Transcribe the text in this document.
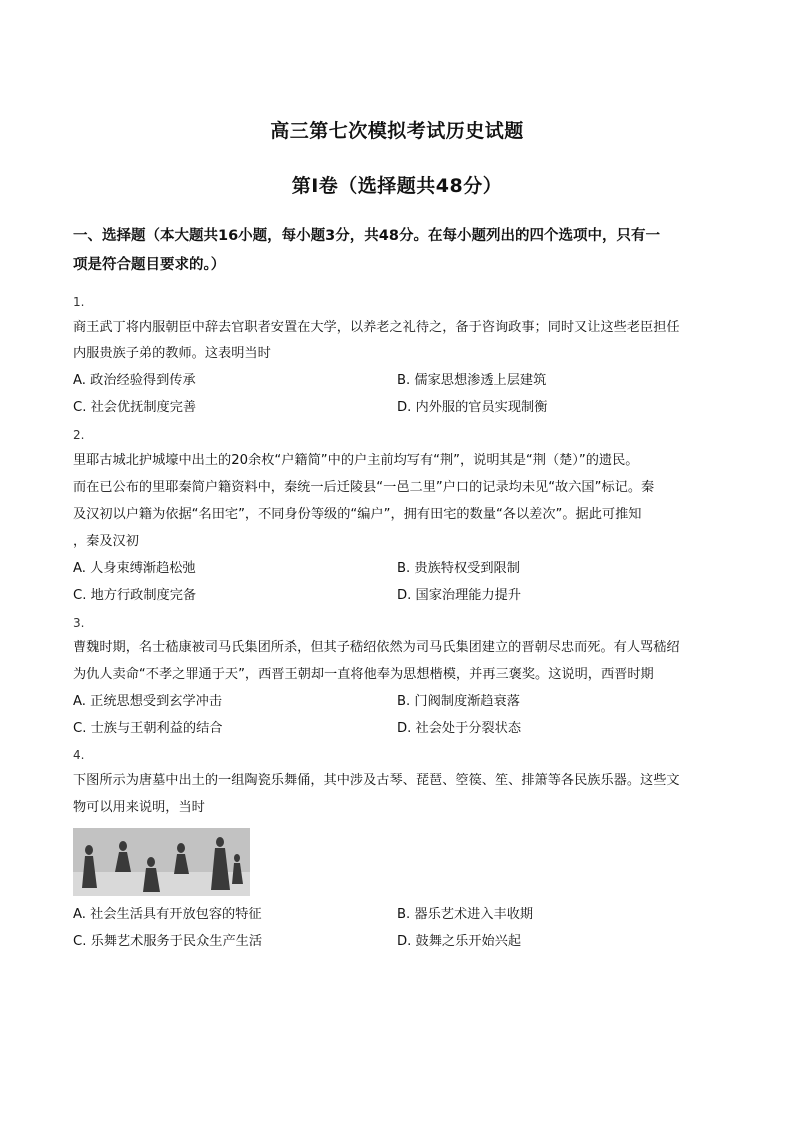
高三第七次模拟考试历史试题
第Ⅰ卷（选择题共48分）
一、选择题（本大题共16小题，每小题3分，共48分。在每小题列出的四个选项中，只有一
项是符合题目要求的。）
1.
商王武丁将内服朝臣中辞去官职者安置在大学，以养老之礼待之，备于咨询政事；同时又让这些老臣担任
内服贵族子弟的教师。这表明当时
A. 政治经验得到传承	B. 儒家思想渗透上层建筑
C. 社会优抚制度完善	D. 内外服的官员实现制衡
2.
里耶古城北护城壕中出土的20余枚“户籍简”中的户主前均写有“荆”，说明其是“荆（楚）”的遗民。
而在已公布的里耶秦简户籍资料中，秦统一后迁陵县“一邑二里”户口的记录均未见“故六国”标记。秦
及汉初以户籍为依据“名田宅”，不同身份等级的“编户”，拥有田宅的数量“各以差次”。据此可推知
，秦及汉初
A. 人身束缚渐趋松弛	B. 贵族特权受到限制
C. 地方行政制度完备	D. 国家治理能力提升
3.
曹魏时期，名士嵇康被司马氏集团所杀，但其子嵇绍依然为司马氏集团建立的晋朝尽忠而死。有人骂嵇绍
为仇人卖命“不孝之罪通于天”，西晋王朝却一直将他奉为思想楷模，并再三褒奖。这说明，西晋时期
A. 正统思想受到玄学冲击	B. 门阀制度渐趋衰落
C. 士族与王朝利益的结合	D. 社会处于分裂状态
4.
下图所示为唐墓中出土的一组陶瓷乐舞俑，其中涉及古琴、琵琶、箜篌、笙、排箫等各民族乐器。这些文
物可以用来说明，当时
A. 社会生活具有开放包容的特征	B. 器乐艺术进入丰收期
C. 乐舞艺术服务于民众生产生活	D. 鼓舞之乐开始兴起
